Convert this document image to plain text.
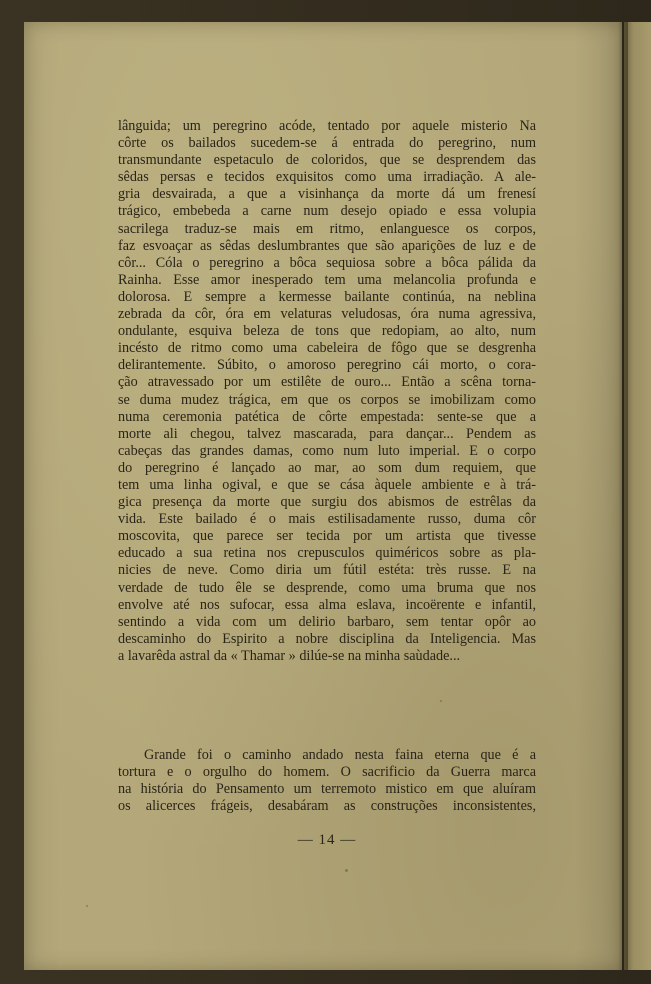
lânguida; um peregrino acóde, tentado por aquele misterio Na
côrte os bailados sucedem-se á entrada do peregrino, num
transmundante espetaculo de coloridos, que se desprendem das
sêdas persas e tecidos exquisitos como uma irradiação. A ale-
gria desvairada, a que a visinhança da morte dá um frenesí
trágico, embebeda a carne num desejo opiado e essa volupia
sacrilega traduz-se mais em ritmo, enlanguesce os corpos,
faz esvoaçar as sêdas deslumbrantes que são aparições de luz e de
côr... Cóla o peregrino a bôca sequiosa sobre a bôca pálida da
Rainha. Esse amor inesperado tem uma melancolia profunda e
dolorosa. E sempre a kermesse bailante continúa, na neblina
zebrada da côr, óra em velaturas veludosas, óra numa agressiva,
ondulante, esquiva beleza de tons que redopiam, ao alto, num
incésto de ritmo como uma cabeleira de fôgo que se desgrenha
delirantemente. Súbito, o amoroso peregrino cái morto, o cora-
ção atravessado por um estilête de ouro... Então a scêna torna-
se duma mudez trágica, em que os corpos se imobilizam como
numa ceremonia patética de côrte empestada: sente-se que a
morte ali chegou, talvez mascarada, para dançar... Pendem as
cabeças das grandes damas, como num luto imperial. E o corpo
do peregrino é lançado ao mar, ao som dum requiem, que
tem uma linha ogival, e que se cása àquele ambiente e à trá-
gica presença da morte que surgiu dos abismos de estrêlas da
vida. Este bailado é o mais estilisadamente russo, duma côr
moscovita, que parece ser tecida por um artista que tivesse
educado a sua retina nos crepusculos quiméricos sobre as pla-
nicies de neve. Como diria um fútil estéta: très russe. E na
verdade de tudo êle se desprende, como uma bruma que nos
envolve até nos sufocar, essa alma eslava, incoërente e infantil,
sentindo a vida com um delirio barbaro, sem tentar opôr ao
descaminho do Espirito a nobre disciplina da Inteligencia. Mas
a lavarêda astral da « Thamar » dilúe-se na minha saùdade...
Grande foi o caminho andado nesta faina eterna que é a
tortura e o orgulho do homem. O sacrificio da Guerra marca
na história do Pensamento um terremoto mistico em que aluíram
os alicerces frágeis, desabáram as construções inconsistentes,
— 14 —
